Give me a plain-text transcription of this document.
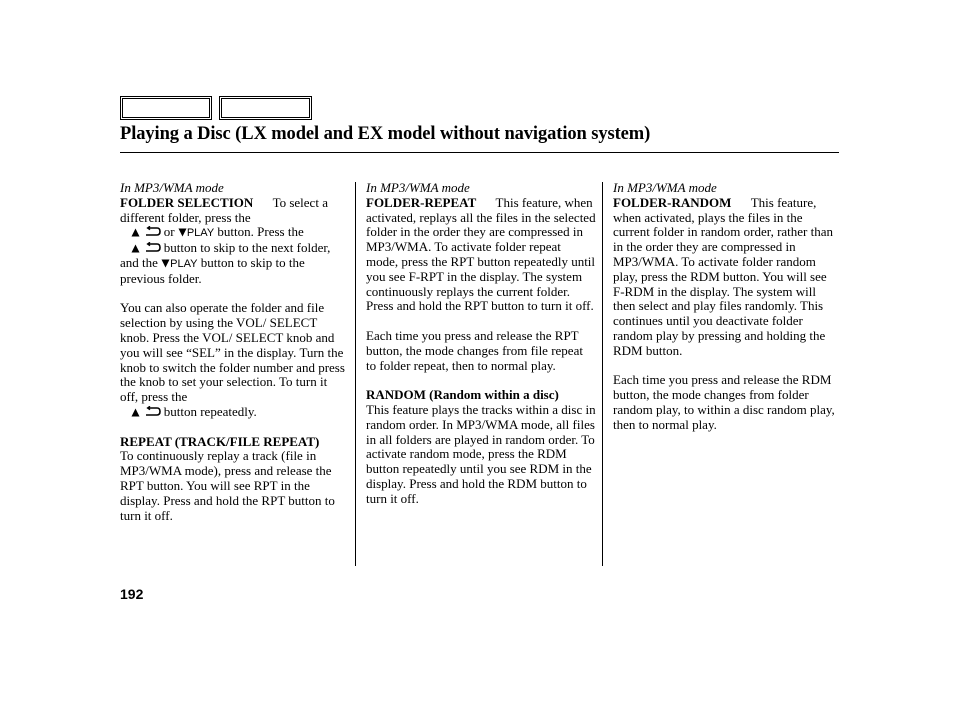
Playing a Disc (LX model and EX model without navigation system)

In MP3/WMA mode

FOLDER SELECTION To select a different folder, press the
or PLAY button. Press the
button to skip to the next folder, and the PLAY button to skip to the previous folder.

You can also operate the folder and file selection by using the VOL/ SELECT knob. Press the VOL/ SELECT knob and you will see “SEL” in the display. Turn the knob to switch the folder number and press the knob to set your selection. To turn it off, press the
button repeatedly.

REPEAT (TRACK/FILE REPEAT)      To continuously replay a track (file in MP3/WMA mode), press and release the RPT button. You will see RPT in the display. Press and hold the RPT button to turn it off.

In MP3/WMA mode

FOLDER-REPEAT This feature, when activated, replays all the files in the selected folder in the order they are compressed in MP3/WMA. To activate folder repeat mode, press the RPT button repeatedly until you see F-RPT in the display. The system continuously replays the current folder. Press and hold the RPT button to turn it off.

Each time you press and release the RPT button, the mode changes from file repeat to folder repeat, then to normal play.

RANDOM (Random within a disc)      This feature plays the tracks within a disc in random order. In MP3/WMA mode, all files in all folders are played in random order. To activate random mode, press the RDM button repeatedly until you see RDM in the display. Press and hold the RDM button to turn it off.

In MP3/WMA mode

FOLDER-RANDOM This feature, when activated, plays the files in the current folder in random order, rather than in the order they are compressed in MP3/WMA. To activate folder random play, press the RDM button. You will see F-RDM in the display. The system will then select and play files randomly. This continues until you deactivate folder random play by pressing and holding the RDM button.

Each time you press and release the RDM button, the mode changes from folder random play, to within a disc random play, then to normal play.

192
